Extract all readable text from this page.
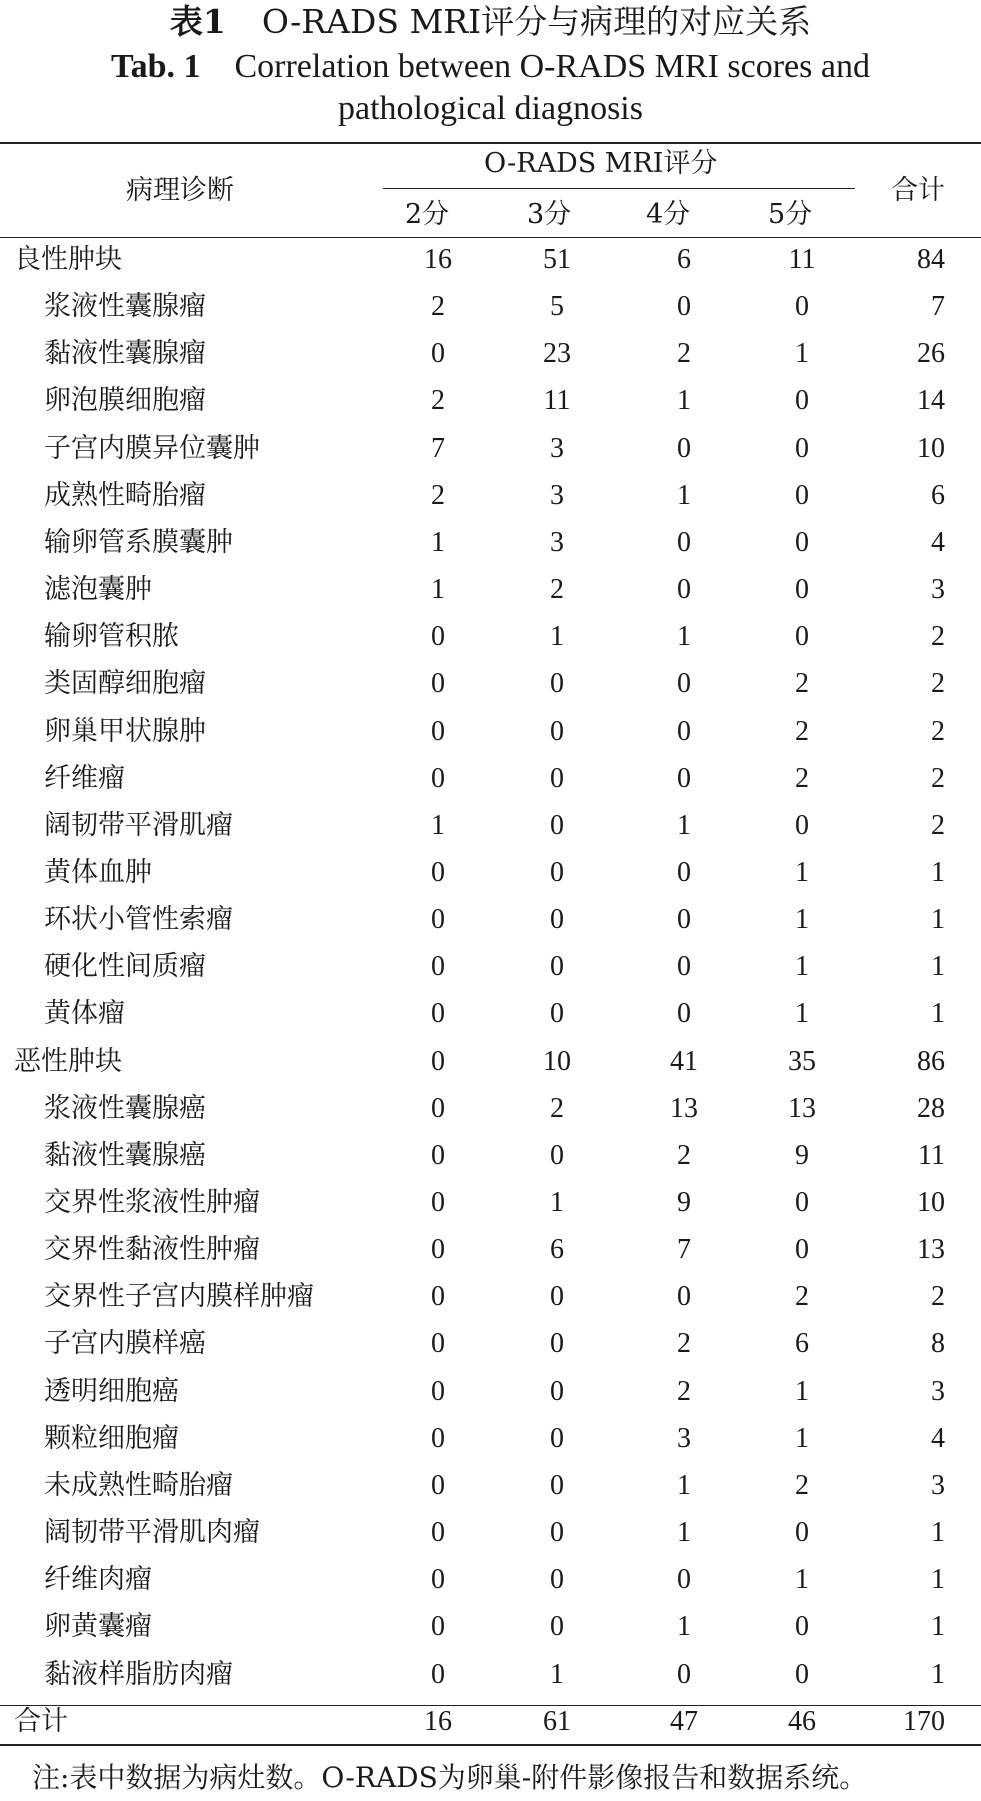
表1 O-RADS MRI评分与病理的对应关系
Tab. 1 Correlation between O-RADS MRI scores and pathological diagnosis
病理诊断
O-RADS MRI评分
2分	3分	4分	5分
合计
良性肿块	16	51	6	11	84
浆液性囊腺瘤	2	5	0	0	7
黏液性囊腺瘤	0	23	2	1	26
卵泡膜细胞瘤	2	11	1	0	14
子宫内膜异位囊肿	7	3	0	0	10
成熟性畸胎瘤	2	3	1	0	6
输卵管系膜囊肿	1	3	0	0	4
滤泡囊肿	1	2	0	0	3
输卵管积脓	0	1	1	0	2
类固醇细胞瘤	0	0	0	2	2
卵巢甲状腺肿	0	0	0	2	2
纤维瘤	0	0	0	2	2
阔韧带平滑肌瘤	1	0	1	0	2
黄体血肿	0	0	0	1	1
环状小管性索瘤	0	0	0	1	1
硬化性间质瘤	0	0	0	1	1
黄体瘤	0	0	0	1	1
恶性肿块	0	10	41	35	86
浆液性囊腺癌	0	2	13	13	28
黏液性囊腺癌	0	0	2	9	11
交界性浆液性肿瘤	0	1	9	0	10
交界性黏液性肿瘤	0	6	7	0	13
交界性子宫内膜样肿瘤	0	0	0	2	2
子宫内膜样癌	0	0	2	6	8
透明细胞癌	0	0	2	1	3
颗粒细胞瘤	0	0	3	1	4
未成熟性畸胎瘤	0	0	1	2	3
阔韧带平滑肌肉瘤	0	0	1	0	1
纤维肉瘤	0	0	0	1	1
卵黄囊瘤	0	0	1	0	1
黏液样脂肪肉瘤	0	1	0	0	1
合计	16	61	47	46	170
注:表中数据为病灶数。O-RADS为卵巢-附件影像报告和数据系统。
